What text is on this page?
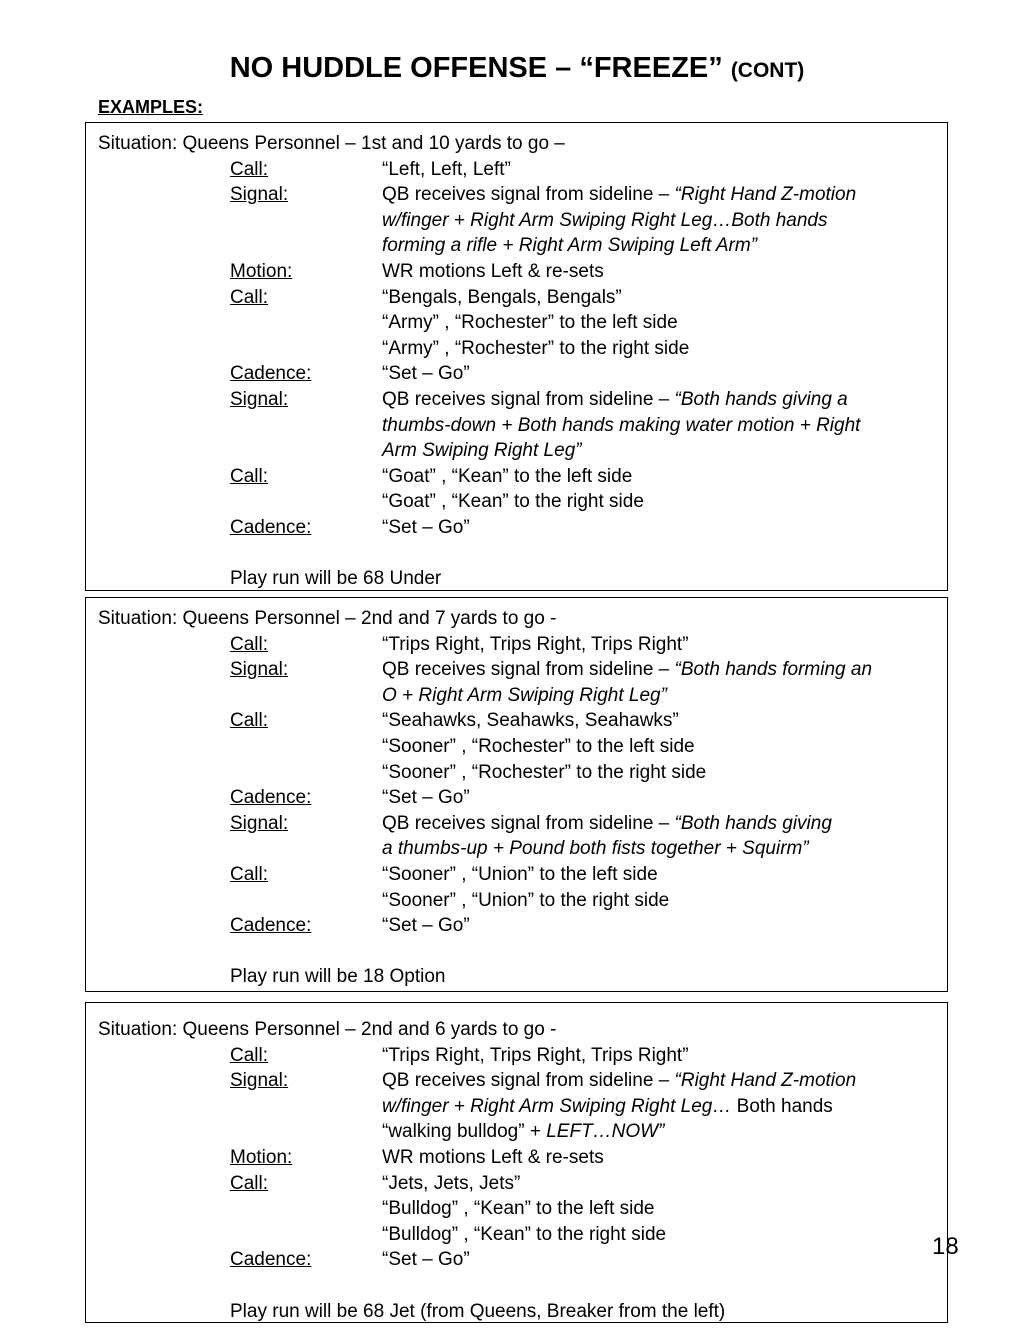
NO HUDDLE OFFENSE – “FREEZE” (CONT)
EXAMPLES:
Situation: Queens Personnel – 1st and 10 yards to go –
Call:	“Left, Left, Left”
Signal:	QB receives signal from sideline – “Right Hand Z-motion
w/finger + Right Arm Swiping Right Leg…Both hands
forming a rifle + Right Arm Swiping Left Arm”
Motion:	WR motions Left & re-sets
Call:	“Bengals, Bengals, Bengals”
“Army” , “Rochester” to the left side
“Army” , “Rochester” to the right side
Cadence:	“Set – Go”
Signal:	QB receives signal from sideline – “Both hands giving a
thumbs-down + Both hands making water motion + Right
Arm Swiping Right Leg”
Call:	“Goat” , “Kean” to the left side
“Goat” , “Kean” to the right side
Cadence:	“Set – Go”
Play run will be 68 Under
Situation: Queens Personnel – 2nd and 7 yards to go -
Call:	“Trips Right, Trips Right, Trips Right”
Signal:	QB receives signal from sideline – “Both hands forming an
O + Right Arm Swiping Right Leg”
Call:	“Seahawks, Seahawks, Seahawks”
“Sooner” , “Rochester” to the left side
“Sooner” , “Rochester” to the right side
Cadence:	“Set – Go”
Signal:	QB receives signal from sideline – “Both hands giving
a thumbs-up + Pound both fists together + Squirm”
Call:	“Sooner” , “Union” to the left side
“Sooner” , “Union” to the right side
Cadence:	“Set – Go”
Play run will be 18 Option
Situation: Queens Personnel – 2nd and 6 yards to go -
Call:	“Trips Right, Trips Right, Trips Right”
Signal:	QB receives signal from sideline – “Right Hand Z-motion
w/finger + Right Arm Swiping Right Leg… Both hands
“walking bulldog” + LEFT…NOW”
Motion:	WR motions Left & re-sets
Call:	“Jets, Jets, Jets”
“Bulldog” , “Kean” to the left side
“Bulldog” , “Kean” to the right side
Cadence:	“Set – Go”
Play run will be 68 Jet (from Queens, Breaker from the left)
18
